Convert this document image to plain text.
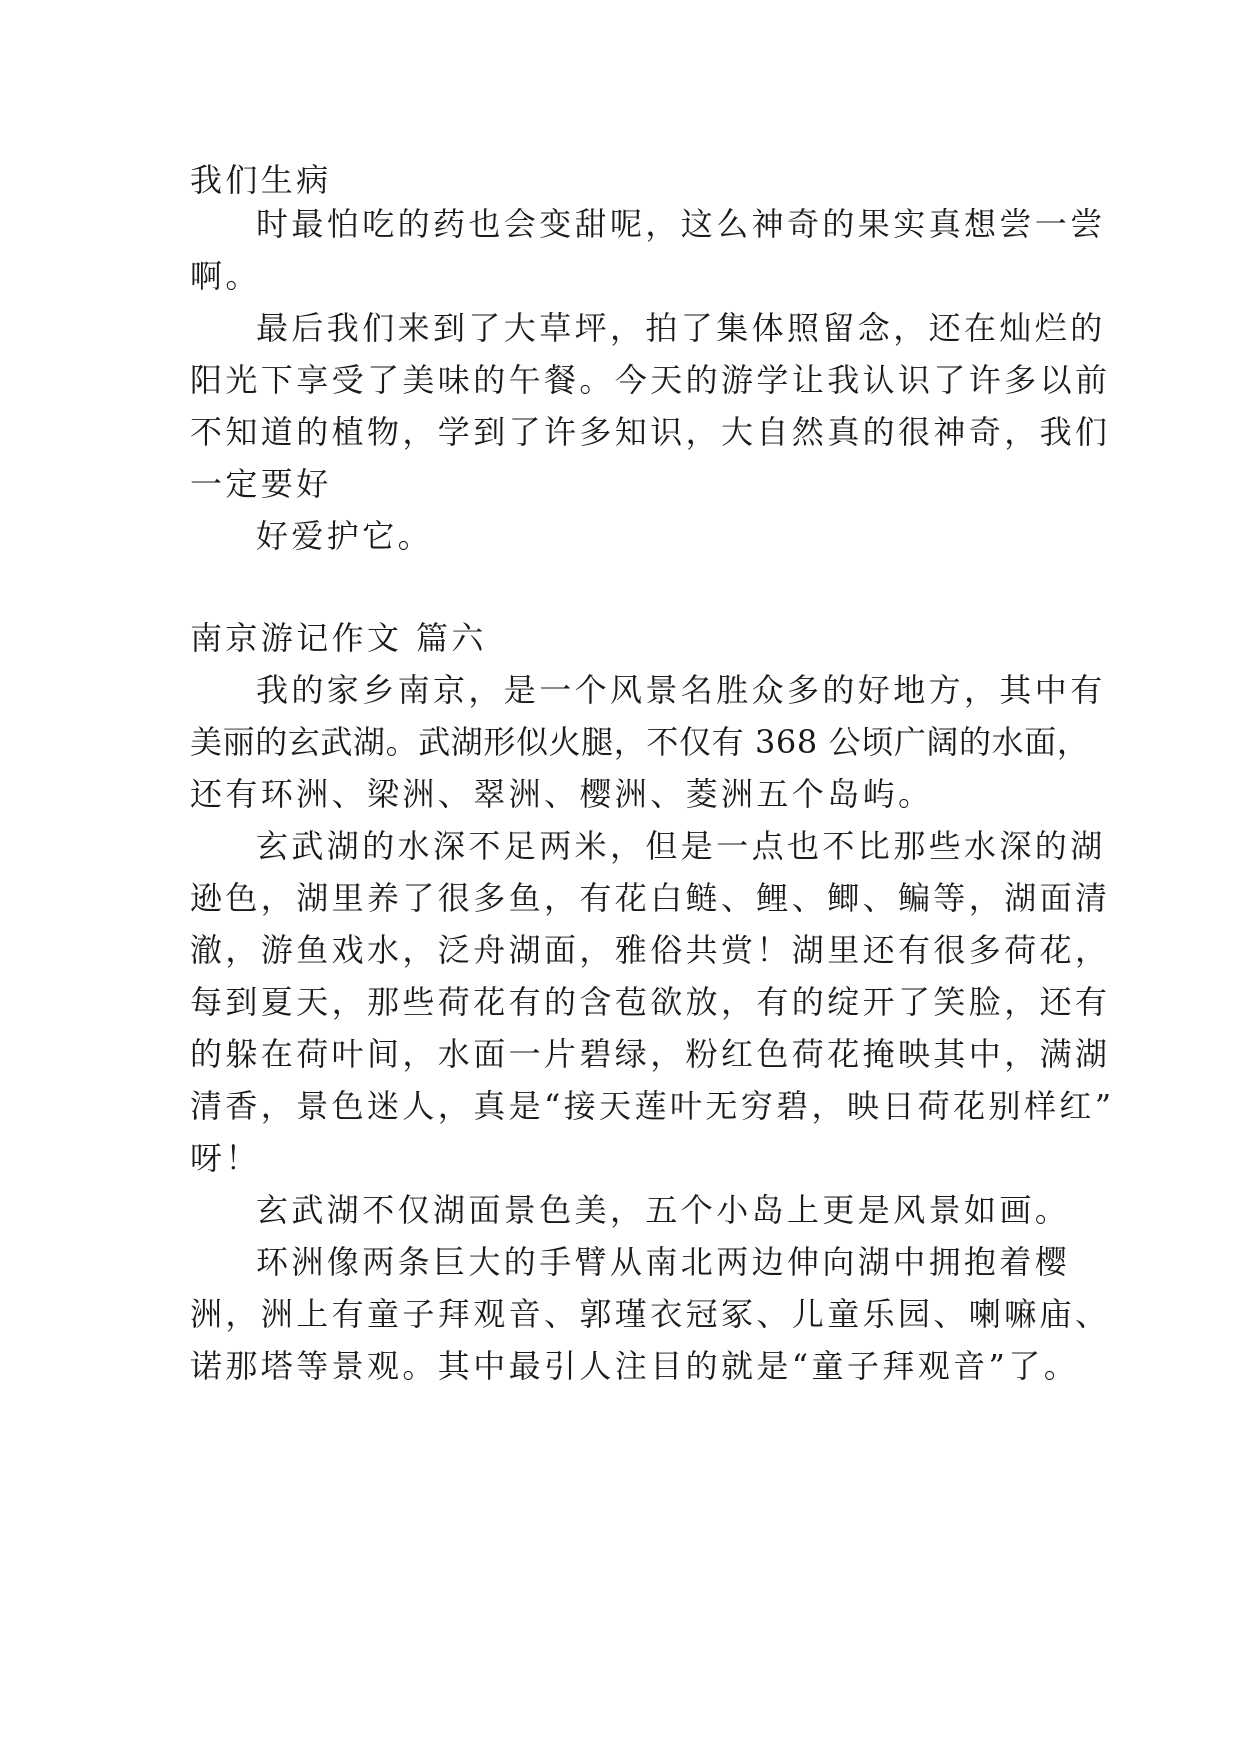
我们生病
时最怕吃的药也会变甜呢，这么神奇的果实真想尝一尝
啊。
最后我们来到了大草坪，拍了集体照留念，还在灿烂的
阳光下享受了美味的午餐。今天的游学让我认识了许多以前
不知道的植物，学到了许多知识，大自然真的很神奇，我们
一定要好
好爱护它。
南京游记作文 篇六
我的家乡南京，是一个风景名胜众多的好地方，其中有
美丽的玄武湖。武湖形似火腿，不仅有 368 公顷广阔的水面，
还有环洲、梁洲、翠洲、樱洲、菱洲五个岛屿。
玄武湖的水深不足两米，但是一点也不比那些水深的湖
逊色，湖里养了很多鱼，有花白鲢、鲤、鲫、鳊等，湖面清
澈，游鱼戏水，泛舟湖面，雅俗共赏！湖里还有很多荷花，
每到夏天，那些荷花有的含苞欲放，有的绽开了笑脸，还有
的躲在荷叶间，水面一片碧绿，粉红色荷花掩映其中，满湖
清香，景色迷人，真是“接天莲叶无穷碧，映日荷花别样红”
呀！
玄武湖不仅湖面景色美，五个小岛上更是风景如画。
环洲像两条巨大的手臂从南北两边伸向湖中拥抱着樱
洲，洲上有童子拜观音、郭瑾衣冠冢、儿童乐园、喇嘛庙、
诺那塔等景观。其中最引人注目的就是“童子拜观音”了。
